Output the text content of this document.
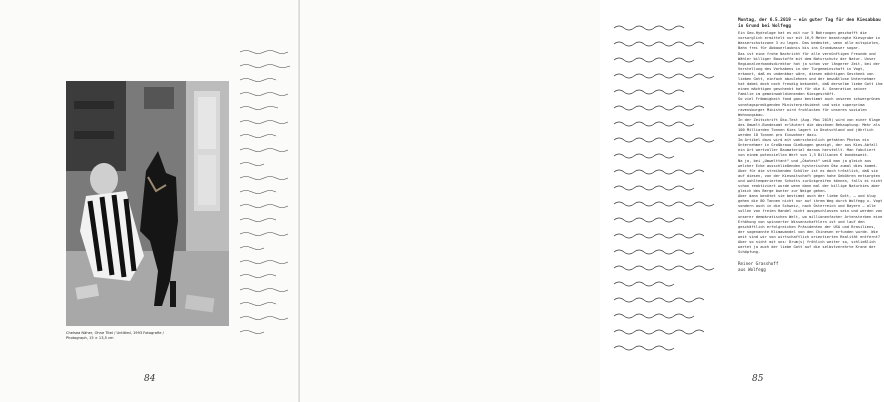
Chelsea Näher, Ohne Titel / Untitled, 1993 Fotografie / Photograph, 15 × 13,5 cm
84
Montag, der 6.5.2019 – ein guter Tag für den Kiesabbau in Grund bei Wolfegg

Ein Geo-Hydrologe hat es mit nur 5 Bohrungen geschafft die vorsorglich ermittelt nur mit 16,9 Meter beantragte Kiesgrube in Wasserschutzzone 3 zu legen. Das bedeutet, wenn alle mitspielen, Bahn frei für Abbauerlaubnis bis ins Grundwasser sogar.

Das ist eine frohe Nachricht für alle vernünftigen Freunde und Wähler billiger Baustoffe mit dem Naturschutz der Natur. Unser Regionalverbandsdirektor hat ja schon vor längerer Zeit, bei der Vorstellung des Vorhabens in der Turgemeinschaft in Vogt, erkannt, daß es undenkbar wäre, diesen mächtigen Geschenk von lieben Gott, einfach abzulehnen und der bewußtlose Unternehmer hat dabei doch noch freudig bekundet, daß derselbe liebe Gott ihm einen mächtigen geschenkt hat für die 4. Generation seiner Familie im gemeinwohldienenden Kiesgeschäft.

So viel Frömmigkeit fand ganz bestimmt auch unseren schwergrünen sonntagspredigenden Ministerpräsident und sein superprima ravensburger Minister wird frohlocken für unseren sozialen Wohnungsbau.

In der Zeitschrift Öko-Test (Aug. Mai 2019) wird von einer Klage des Umwelt-Bundesamt erläutert die obszönen Behauptung: Mehr als 100 Milliarden Tonnen Kies lagert in Deutschland und jährlich werden 18 Tonnen pro Einwohner dazu.

Im Artikel dazu wird mit wahrscheinlich gefakten Photos ein Unternehmer in Großbrauo Gießungen gezeigt, der aus Kies-Abfall ein Art wertvoller Baumaterial daraus herstellt. Man fabuliert von einem potenziellen Wert von 1,3 Billionen € bundesweit.

Na ja, bei „Umwelttant“ und „Ökotest“ weiß man ja gleich aus welcher Ecke ausschließenden hysterischen Öko zumal dies kommt.

Aber für die streikenden Schüler ist es doch tröstlich, daß sie auf diesen, von der Kiesmitschaft gegen hohe Gebühren entsorgten und wohltemperierten Schotts zurückgreifen können, falls ei nicht schon reaktiviert wurde wenn dann mal der billige Naturkies aber gleich des Berge bunter zur Neige gehen.

Aber dann benötet sie bestimmt auch der liebe Gott, … und klug gehen die 80 Tonnen nicht nur auf ihrem Weg durch Wolfegg u. Vogt sondern auch in die Schweiz, nach Österreich und Bayern – alle sollen von freien Handel nicht ausgeschlossen sein und werden von unserer demokratischen Welt, wo millionenfacher Artensterben eine Erhöhung von spinnerter Wissenschaftlern ist und lauf den geschäftlich erfolgreichen Präsidenten der USA und Brasiliens, der sogenannte Klimawandel von den Chinesen erfunden wurde. Wie weit sind wir von wirtschaftlich orientierten Realität entfernt?

Aber so nicht mit uns: Drum(s) fröhlich weiter so, schließlich wartet ja auch der liebe Gott auf die selbstverehrte Krone der Schöpfung.

Reiner Grasshoff
aus Wolfegg
85
